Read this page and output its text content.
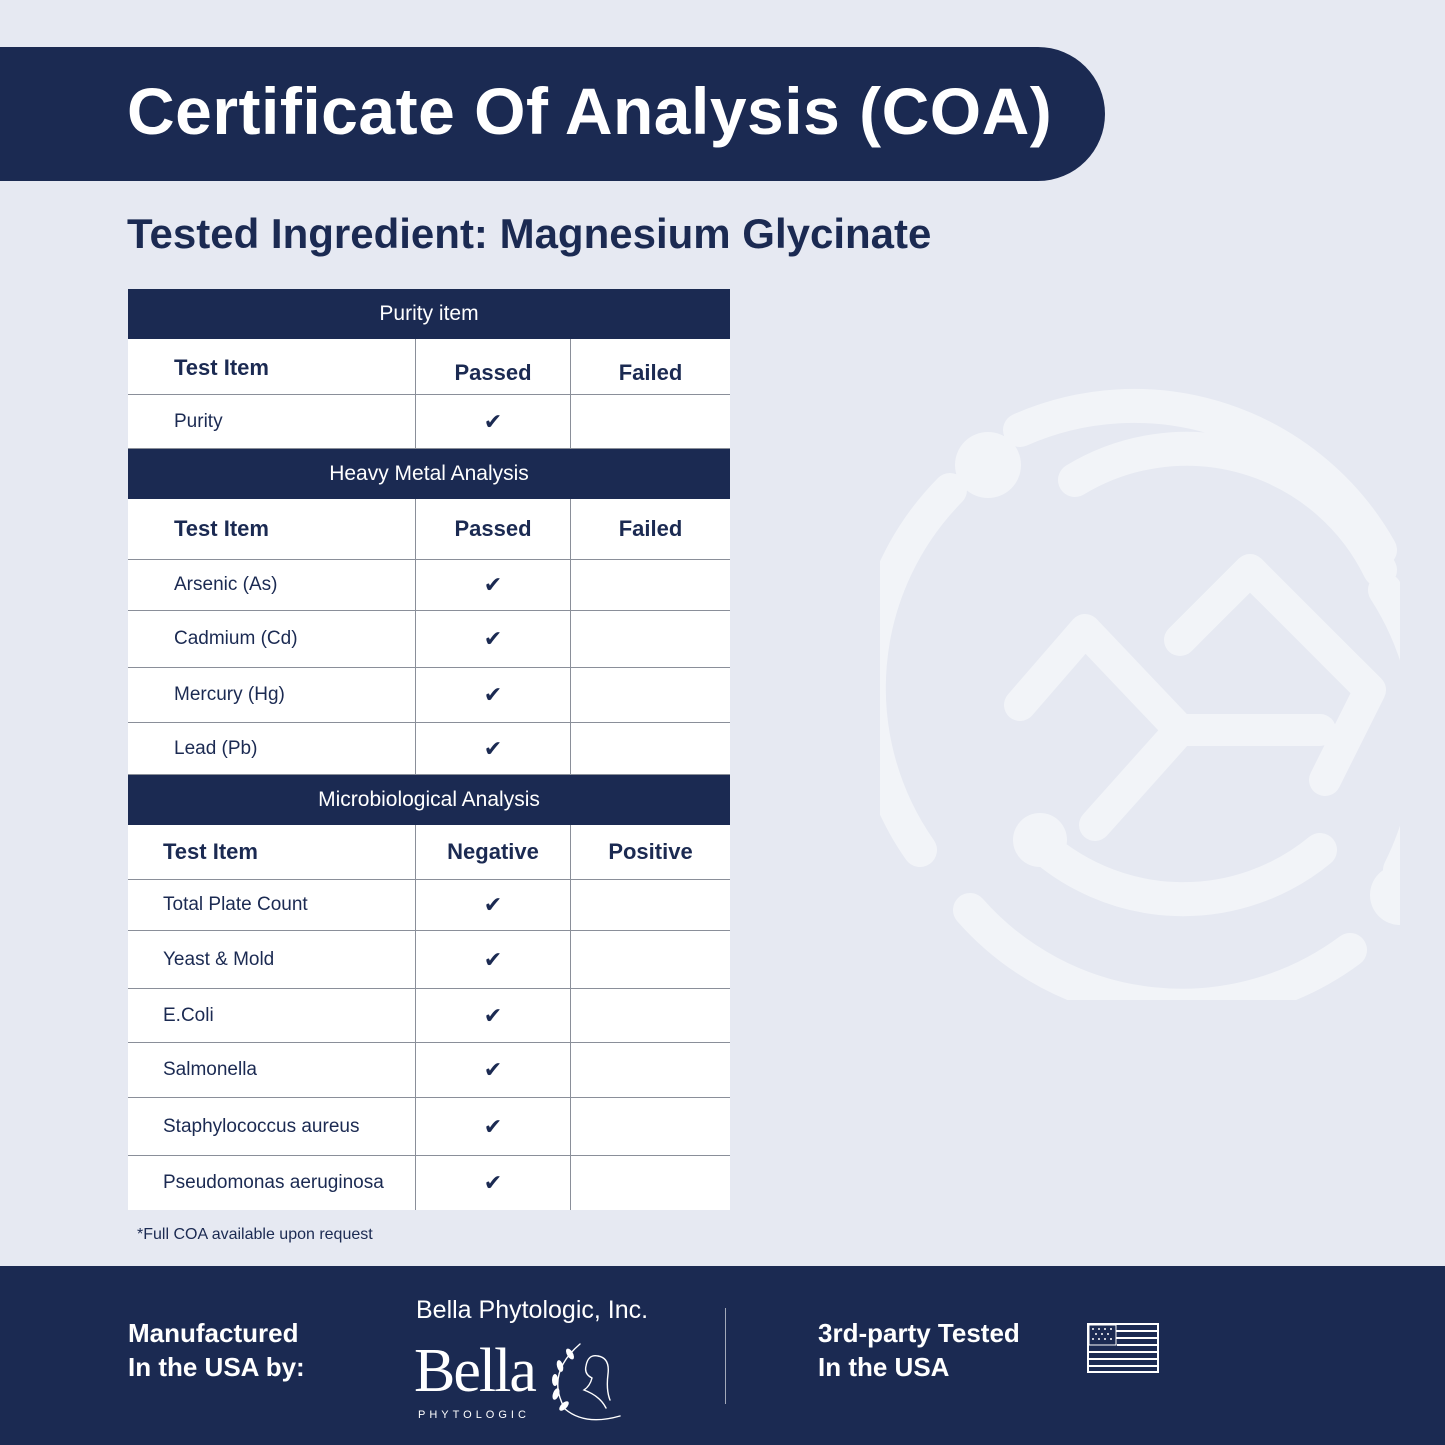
Certificate Of Analysis (COA)
Tested Ingredient: Magnesium Glycinate
Purity item
Test Item	Passed	Failed
Purity	✔
Heavy Metal Analysis
Test Item	Passed	Failed
Arsenic (As)	✔
Cadmium (Cd)	✔
Mercury (Hg)	✔
Lead (Pb)	✔
Microbiological Analysis
Test Item	Negative	Positive
Total Plate Count	✔
Yeast & Mold	✔
E.Coli	✔
Salmonella	✔
Staphylococcus aureus	✔
Pseudomonas aeruginosa	✔
*Full COA available upon request
Manufactured
In the USA by:
Bella Phytologic, Inc.
Bella
PHYTOLOGIC
3rd-party Tested
In the USA
